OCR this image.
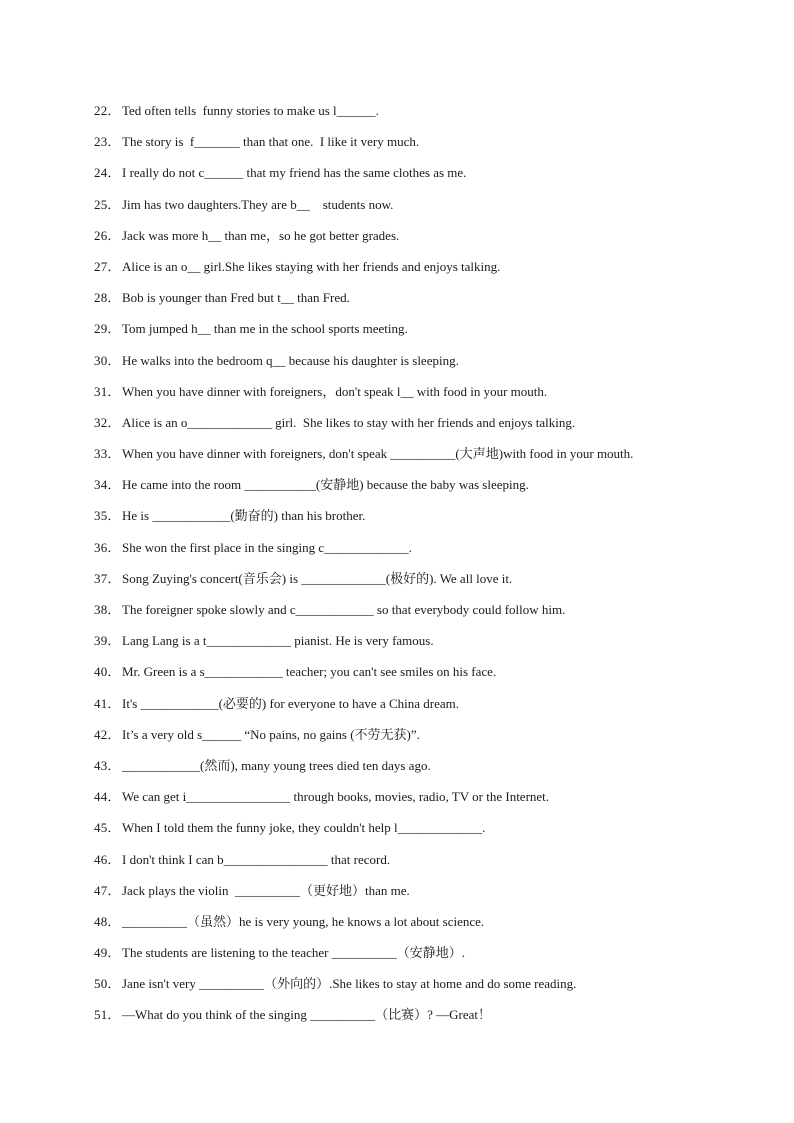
22． Ted often tells  funny stories to make us l______.
23． The story is  f_______ than that one.  I like it very much.
24． I really do not c______ that my friend has the same clothes as me.
25． Jim has two daughters.They are b__    students now.
26． Jack was more h__ than me，so he got better grades.
27． Alice is an o__ girl.She likes staying with her friends and enjoys talking.
28． Bob is younger than Fred but t__ than Fred.
29． Tom jumped h__ than me in the school sports meeting.
30． He walks into the bedroom q__ because his daughter is sleeping.
31． When you have dinner with foreigners，don't speak l__ with food in your mouth.
32． Alice is an o_____________ girl.  She likes to stay with her friends and enjoys talking.
33． When you have dinner with foreigners, don't speak __________(大声地)with food in your mouth.
34． He came into the room ___________(安静地) because the baby was sleeping.
35． He is ____________(勤奋的) than his brother.
36． She won the first place in the singing c_____________.
37． Song Zuying's concert(音乐会) is _____________(极好的). We all love it.
38． The foreigner spoke slowly and c____________ so that everybody could follow him.
39． Lang Lang is a t_____________ pianist. He is very famous.
40． Mr. Green is a s____________ teacher; you can't see smiles on his face.
41． It's ____________(必要的) for everyone to have a China dream.
42． It’s a very old s______ “No pains, no gains (不劳无获)”.
43． ____________(然而), many young trees died ten days ago.
44． We can get i________________ through books, movies, radio, TV or the Internet.
45． When I told them the funny joke, they couldn't help l_____________.
46． I don't think I can b________________ that record.
47． Jack plays the violin  __________（更好地）than me.
48． __________（虽然）he is very young, he knows a lot about science.
49． The students are listening to the teacher __________（安静地）.
50． Jane isn't very __________（外向的）.She likes to stay at home and do some reading.
51． —What do you think of the singing __________（比赛）? —Great！
